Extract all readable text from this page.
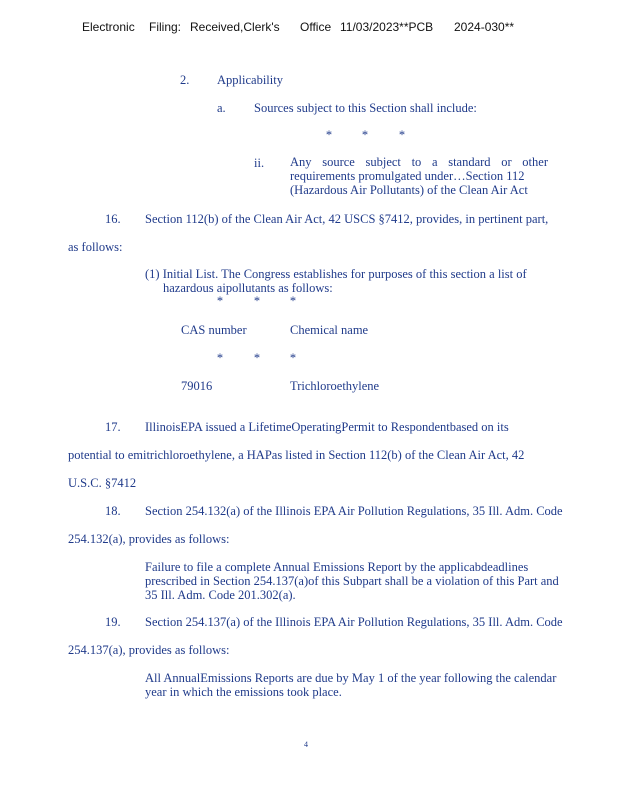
Electronic Filing: Received,Clerk's Office 11/03/2023**PCB 2024-030**
2. Applicability
a. Sources subject to this Section shall include:
* * *
ii. Any source subject to a standard or other
requirements promulgated under…Section 112
(Hazardous Air Pollutants) of the Clean Air Act
16. Section 112(b) of the Clean Air Act, 42 USCS §7412, provides, in pertinent part,
as follows:
(1) Initial List. The Congress establishes for purposes of this section a list of
hazardous aipollutants as follows:
* * *
CAS number	Chemical name
* * *
79016	Trichloroethylene
17. IllinoisEPA issued a LifetimeOperatingPermit to Respondentbased on its
potential to emitrichloroethylene, a HAPas listed in Section 112(b) of the Clean Air Act, 42
U.S.C. §7412
18. Section 254.132(a) of the Illinois EPA Air Pollution Regulations, 35 Ill. Adm. Code
254.132(a), provides as follows:
Failure to file a complete Annual Emissions Report by the applicabdeadlines
prescribed in Section 254.137(a)of this Subpart shall be a violation of this Part and
35 Ill. Adm. Code 201.302(a).
19. Section 254.137(a) of the Illinois EPA Air Pollution Regulations, 35 Ill. Adm. Code
254.137(a), provides as follows:
All AnnualEmissions Reports are due by May 1 of the year following the calendar
year in which the emissions took place.
4
